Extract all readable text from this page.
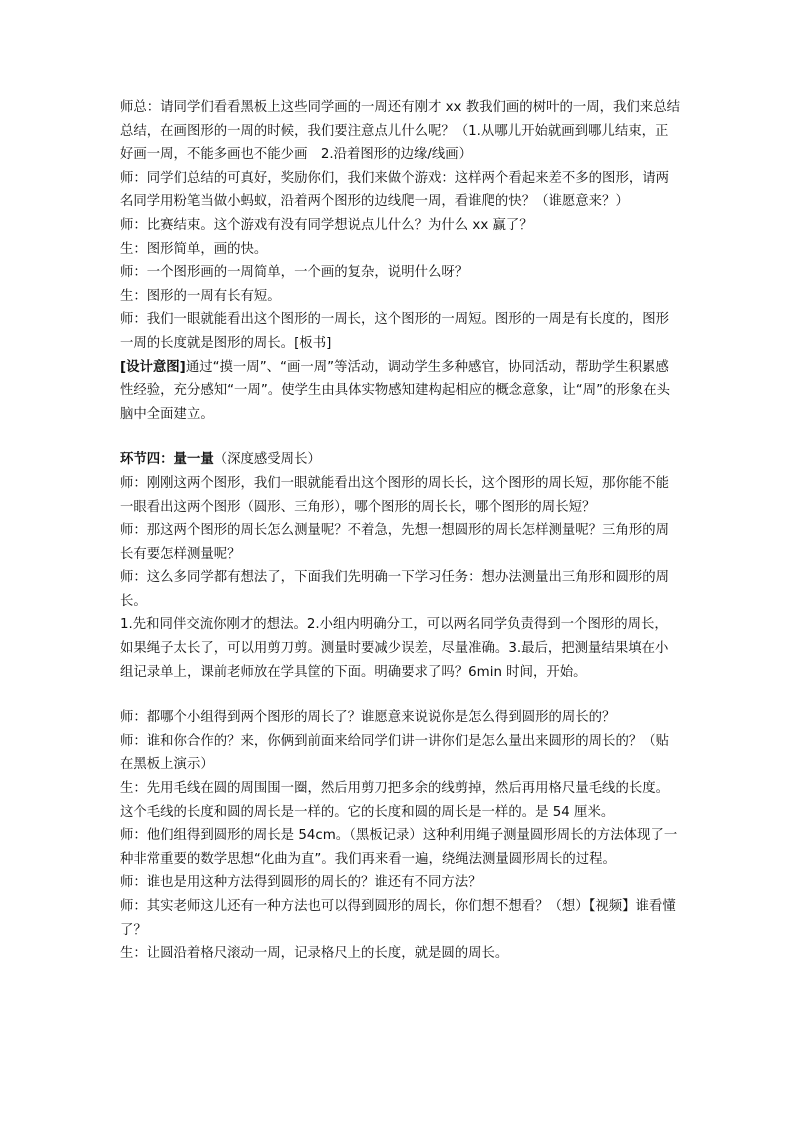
师总：请同学们看看黑板上这些同学画的一周还有刚才 xx 教我们画的树叶的一周，我们来总结总结，在画图形的一周的时候，我们要注意点儿什么呢？（1.从哪儿开始就画到哪儿结束，正好画一周，不能多画也不能少画　2.沿着图形的边缘/线画）

师：同学们总结的可真好，奖励你们，我们来做个游戏：这样两个看起来差不多的图形，请两名同学用粉笔当做小蚂蚁，沿着两个图形的边线爬一周，看谁爬的快？（谁愿意来？）

师：比赛结束。这个游戏有没有同学想说点儿什么？为什么 xx 赢了？

生：图形简单，画的快。

师：一个图形画的一周简单，一个画的复杂，说明什么呀？

生：图形的一周有长有短。

师：我们一眼就能看出这个图形的一周长，这个图形的一周短。图形的一周是有长度的，图形一周的长度就是图形的周长。[板书]

[设计意图]通过“摸一周”、“画一周”等活动，调动学生多种感官，协同活动，帮助学生积累感性经验，充分感知“一周”。使学生由具体实物感知建构起相应的概念意象，让“周”的形象在头脑中全面建立。

环节四：量一量（深度感受周长）

师：刚刚这两个图形，我们一眼就能看出这个图形的周长长，这个图形的周长短，那你能不能一眼看出这两个图形（圆形、三角形），哪个图形的周长长，哪个图形的周长短？

师：那这两个图形的周长怎么测量呢？不着急，先想一想圆形的周长怎样测量呢？三角形的周长有要怎样测量呢？

师：这么多同学都有想法了，下面我们先明确一下学习任务：想办法测量出三角形和圆形的周长。

1.先和同伴交流你刚才的想法。2.小组内明确分工，可以两名同学负责得到一个图形的周长，如果绳子太长了，可以用剪刀剪。测量时要减少误差，尽量准确。3.最后，把测量结果填在小组记录单上，课前老师放在学具筐的下面。明确要求了吗？6min 时间，开始。

师：都哪个小组得到两个图形的周长了？谁愿意来说说你是怎么得到圆形的周长的？

师：谁和你合作的？来，你俩到前面来给同学们讲一讲你们是怎么量出来圆形的周长的？（贴在黑板上演示）

生：先用毛线在圆的周围围一圈，然后用剪刀把多余的线剪掉，然后再用格尺量毛线的长度。这个毛线的长度和圆的周长是一样的。它的长度和圆的周长是一样的。是 54 厘米。

师：他们组得到圆形的周长是 54cm。（黑板记录）这种利用绳子测量圆形周长的方法体现了一种非常重要的数学思想“化曲为直”。我们再来看一遍，绕绳法测量圆形周长的过程。

师：谁也是用这种方法得到圆形的周长的？谁还有不同方法？

师：其实老师这儿还有一种方法也可以得到圆形的周长，你们想不想看？（想）【视频】谁看懂了？

生：让圆沿着格尺滚动一周，记录格尺上的长度，就是圆的周长。
